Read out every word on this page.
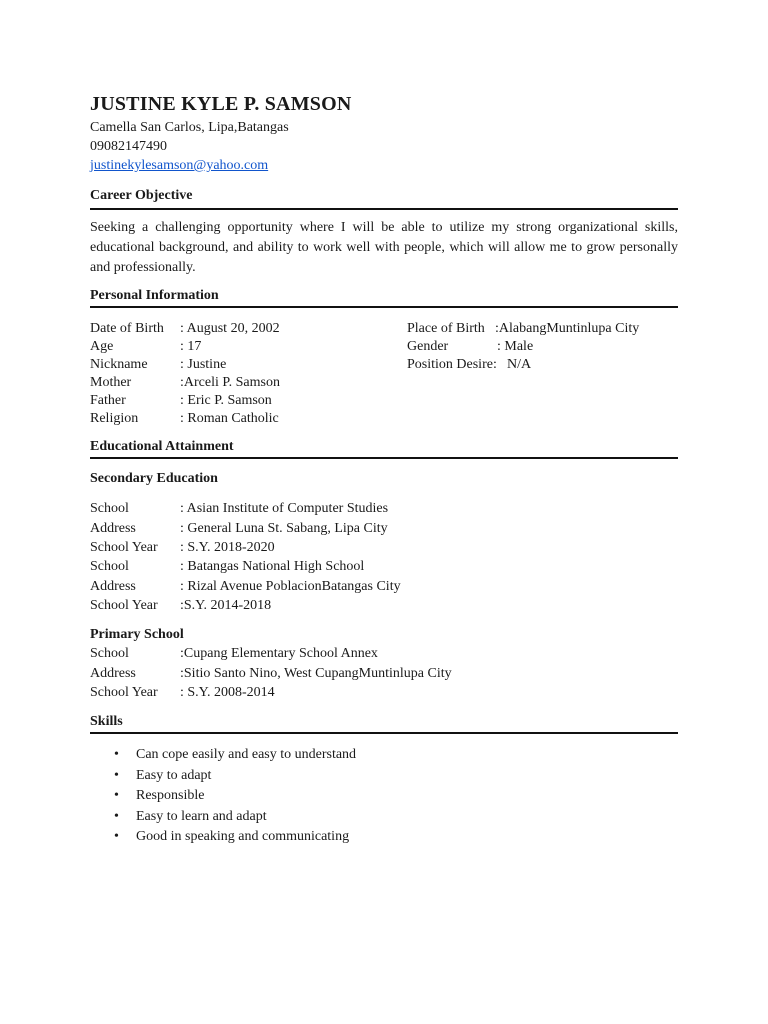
JUSTINE KYLE P. SAMSON
Camella San Carlos, Lipa,Batangas
09082147490
justinekylesamson@yahoo.com
Career Objective
Seeking a challenging opportunity where I will be able to utilize my strong organizational skills, educational background, and ability to work well with people, which will allow me to grow personally and professionally.
Personal Information
Date of Birth : August 20, 2002
Age	: 17
Nickname : Justine
Mother	:Arceli P. Samson
Father	: Eric P. Samson
Religion	: Roman Catholic
Place of Birth :AlabangMuntinlupa City
Gender	: Male
Position Desire: N/A
Educational Attainment
Secondary Education
School	: Asian Institute of Computer Studies
Address	: General Luna St. Sabang, Lipa City
School Year : S.Y. 2018-2020
School	: Batangas National High School
Address	: Rizal Avenue PoblacionBatangas City
School Year :S.Y. 2014-2018
Primary School
School	:Cupang Elementary School Annex
Address	:Sitio Santo Nino, West CupangMuntinlupa City
School Year : S.Y. 2008-2014
Skills
• Can cope easily and easy to understand
• Easy to adapt
• Responsible
• Easy to learn and adapt
• Good in speaking and communicating
